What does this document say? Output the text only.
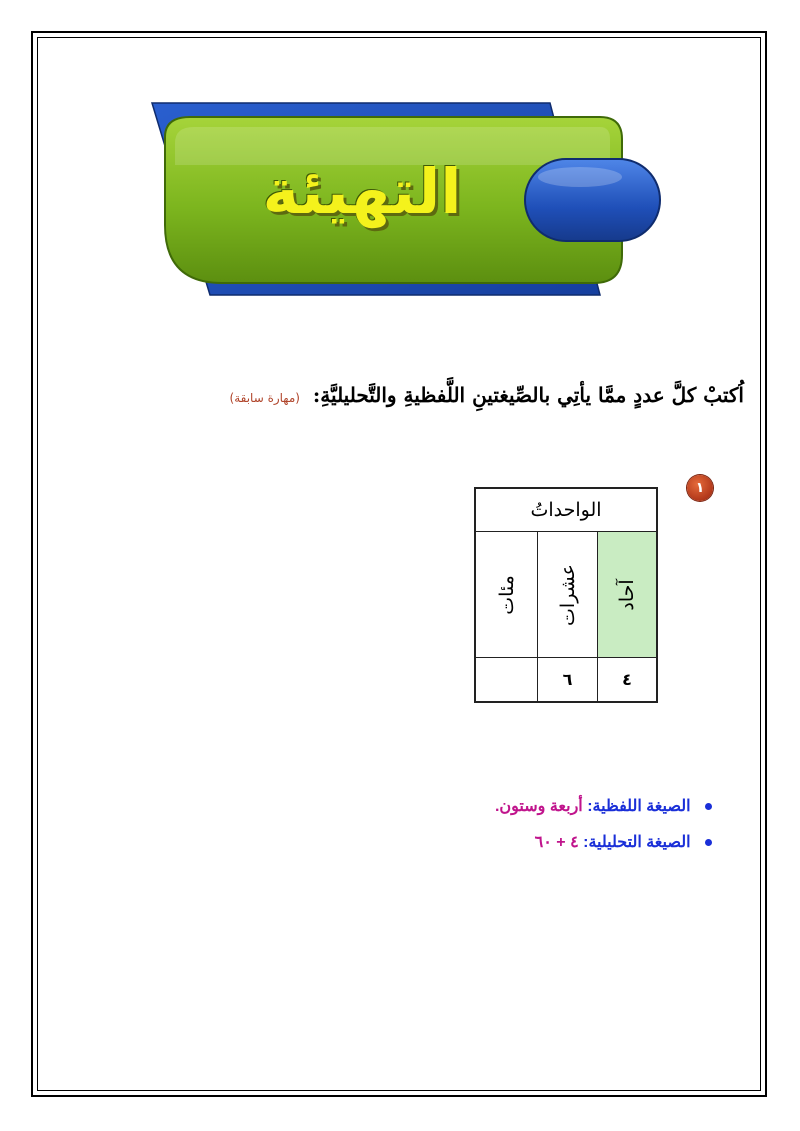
التهيئة
اُكتبْ كلَّ عددٍ ممَّا يأتِي بالصِّيغتينِ اللَّفظيةِ والتَّحليليَّةِ: (مهارة سابقة)
١
الواحداتُ
آحاد
عشرات
مئات
٤
٦
الصيغة اللفظية: أربعة وستون.
الصيغة التحليلية: ٤ + ٦٠
